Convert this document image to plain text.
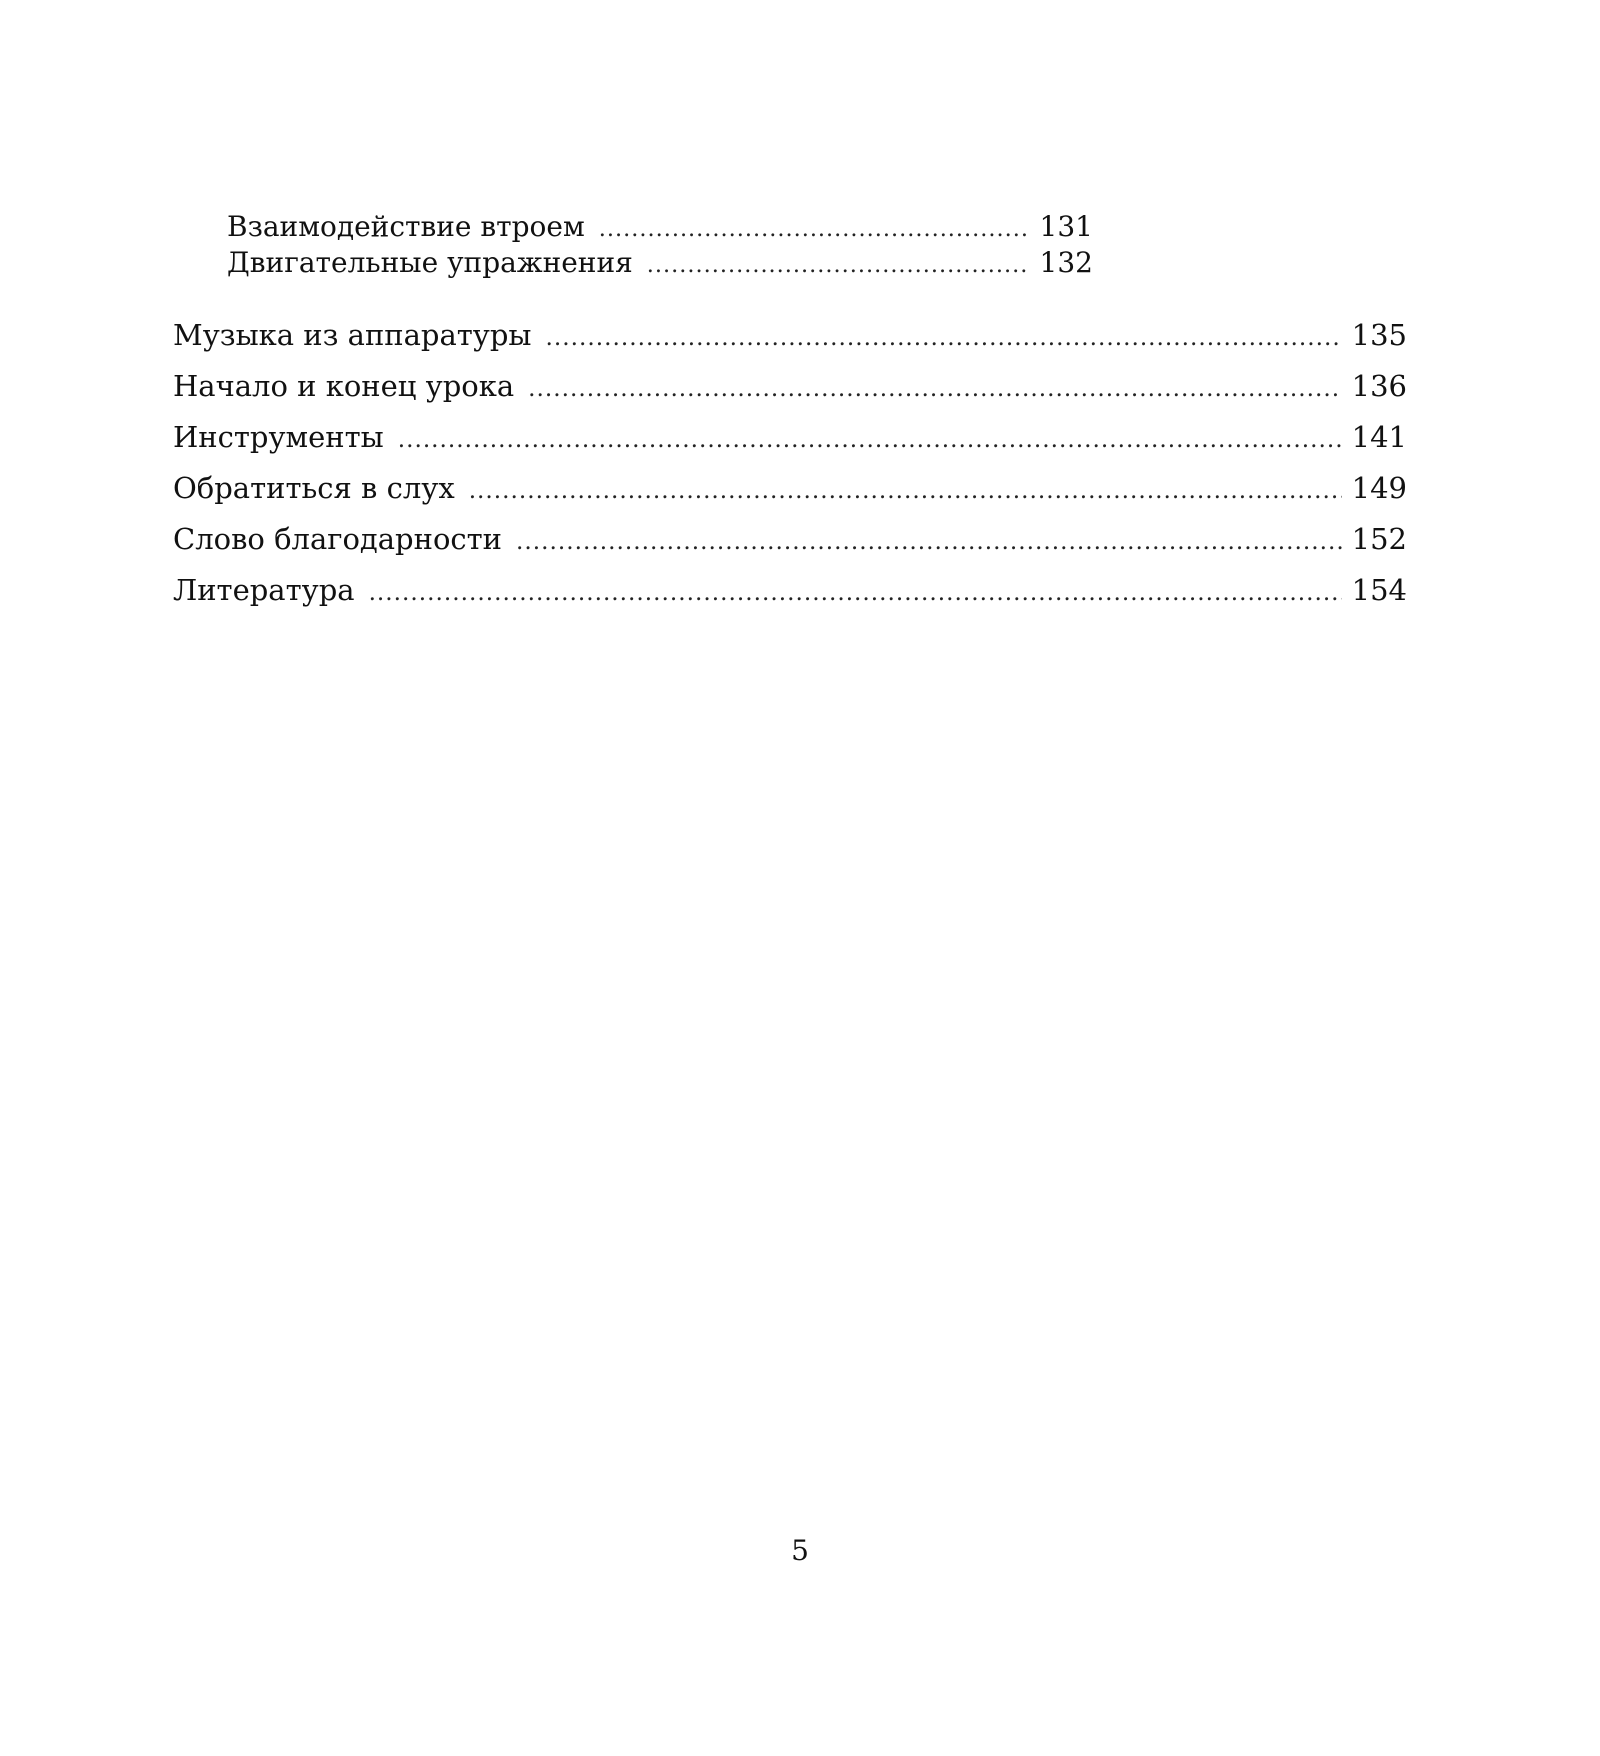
Взаимодействие втроем .....	131
Двигательные упражнения .....	132
Музыка из аппаратуры .....	135
Начало и конец урока .....	136
Инструменты .....	141
Обратиться в слух .....	149
Слово благодарности .....	152
Литература .....	154
5
